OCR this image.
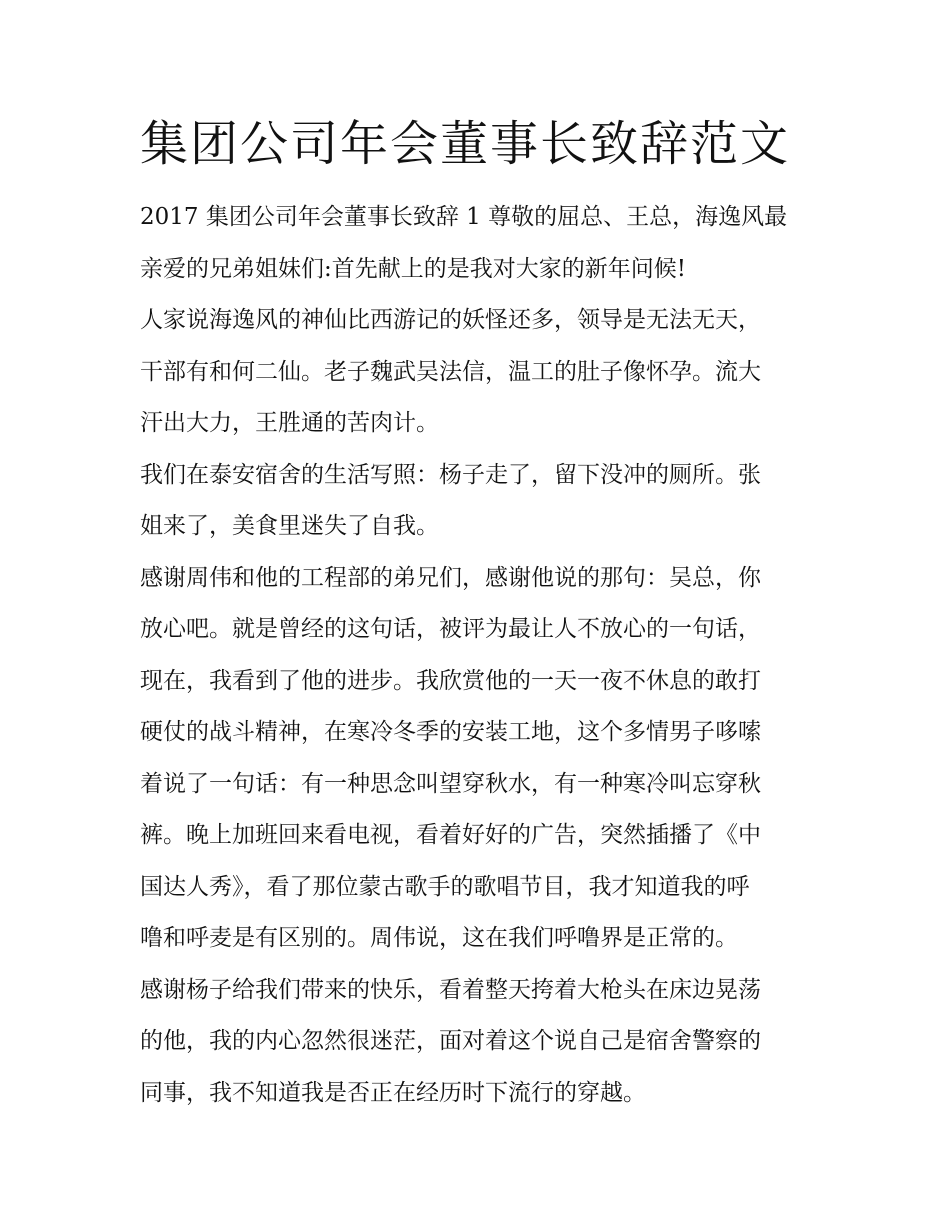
集团公司年会董事长致辞范文

2017 集团公司年会董事长致辞 1 尊敬的屈总、王总，海逸风最
亲爱的兄弟姐妹们:首先献上的是我对大家的新年问候!

人家说海逸风的神仙比西游记的妖怪还多，领导是无法无天，
干部有和何二仙。老子魏武吴法信，温工的肚子像怀孕。流大
汗出大力，王胜通的苦肉计。

我们在泰安宿舍的生活写照：杨子走了，留下没冲的厕所。张
姐来了，美食里迷失了自我。

感谢周伟和他的工程部的弟兄们，感谢他说的那句：吴总，你
放心吧。就是曾经的这句话，被评为最让人不放心的一句话，
现在，我看到了他的进步。我欣赏他的一天一夜不休息的敢打
硬仗的战斗精神，在寒冷冬季的安装工地，这个多情男子哆嗦
着说了一句话：有一种思念叫望穿秋水，有一种寒冷叫忘穿秋
裤。晚上加班回来看电视，看着好好的广告，突然插播了《中
国达人秀》，看了那位蒙古歌手的歌唱节目，我才知道我的呼
噜和呼麦是有区别的。周伟说，这在我们呼噜界是正常的。

感谢杨子给我们带来的快乐，看着整天挎着大枪头在床边晃荡
的他，我的内心忽然很迷茫，面对着这个说自己是宿舍警察的
同事，我不知道我是否正在经历时下流行的穿越。
